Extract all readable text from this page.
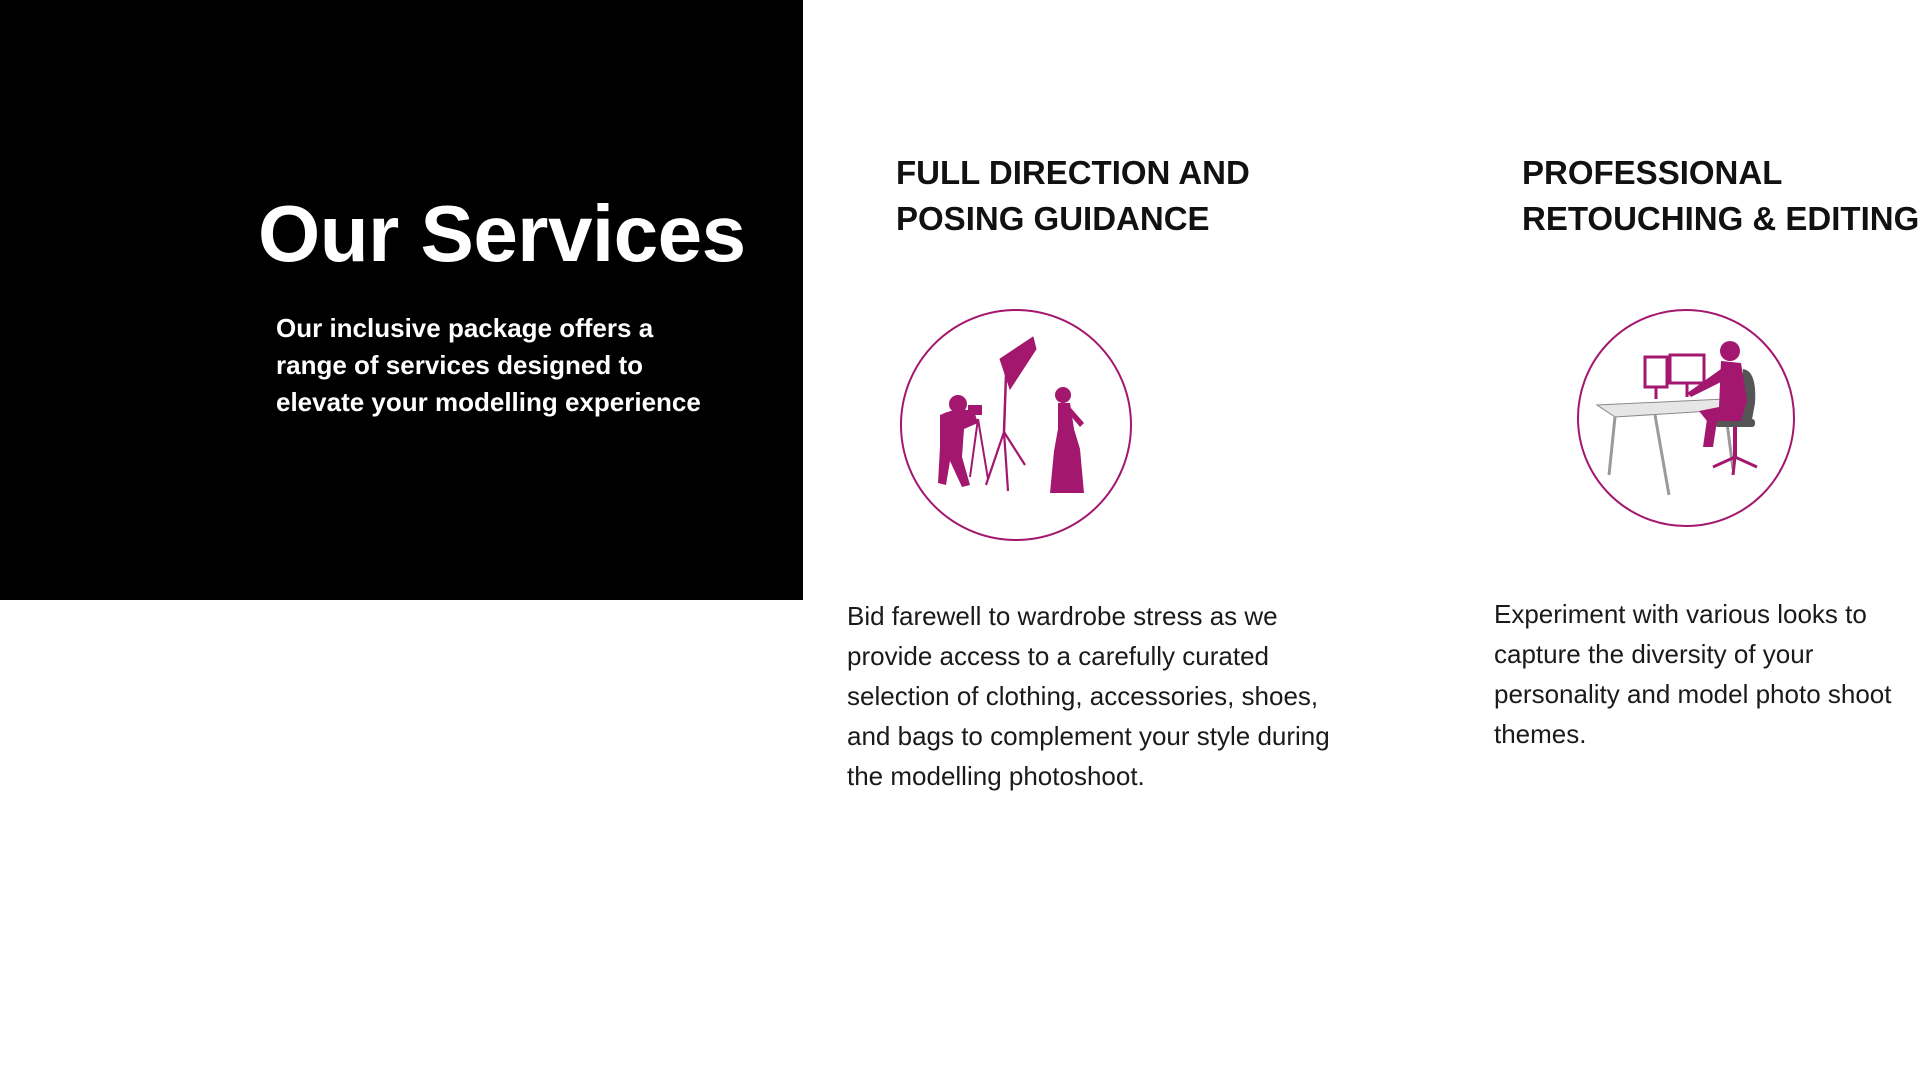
Our Services

Our inclusive package offers a
range of services designed to
elevate your modelling experience

FULL DIRECTION AND
POSING GUIDANCE

Bid farewell to wardrobe stress as we
provide access to a carefully curated
selection of clothing, accessories, shoes,
and bags to complement your style during
the modelling photoshoot.

PROFESSIONAL
RETOUCHING & EDITING

Experiment with various looks to
capture the diversity of your
personality and model photo shoot
themes.
